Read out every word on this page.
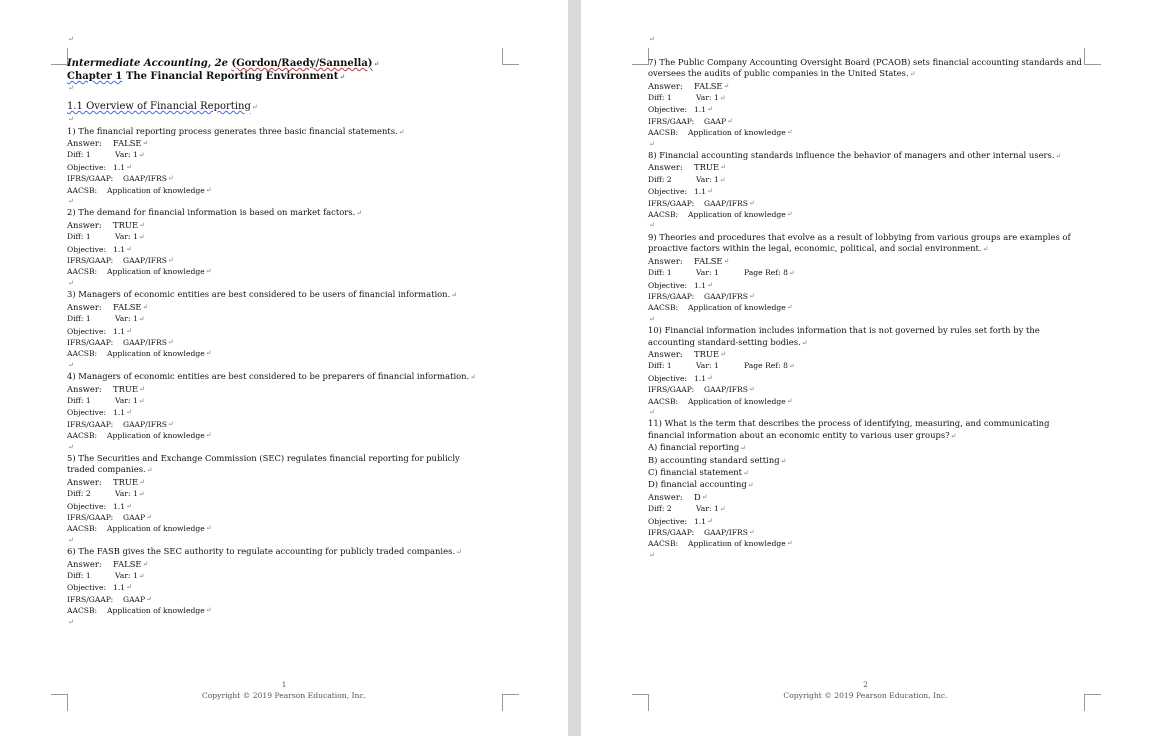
↵
Intermediate Accounting, 2e (Gordon/Raedy/Sannella)↵
Chapter 1 The Financial Reporting Environment↵
↵
1.1 Overview of Financial Reporting↵
↵
1) The financial reporting process generates three basic financial statements.↵
Answer:	FALSE ↵
Diff: 1	Var: 1↵
Objective: 1.1 ↵
IFRS/GAAP:	GAAP/IFRS ↵
AACSB:	Application of knowledge ↵
↵
2) The demand for financial information is based on market factors.↵
Answer:	TRUE ↵
Diff: 1	Var: 1↵
Objective: 1.1 ↵
IFRS/GAAP:	GAAP/IFRS ↵
AACSB:	Application of knowledge ↵
↵
3) Managers of economic entities are best considered to be users of financial information.↵
Answer:	FALSE ↵
Diff: 1	Var: 1↵
Objective: 1.1 ↵
IFRS/GAAP:	GAAP/IFRS ↵
AACSB:	Application of knowledge ↵
↵
4) Managers of economic entities are best considered to be preparers of financial information.↵
Answer:	TRUE ↵
Diff: 1	Var: 1↵
Objective: 1.1 ↵
IFRS/GAAP:	GAAP/IFRS ↵
AACSB:	Application of knowledge ↵
↵
5) The Securities and Exchange Commission (SEC) regulates financial reporting for publicly traded companies.↵
Answer:	TRUE ↵
Diff: 2	Var: 1↵
Objective: 1.1 ↵
IFRS/GAAP:	GAAP ↵
AACSB:	Application of knowledge ↵
↵
6) The FASB gives the SEC authority to regulate accounting for publicly traded companies.↵
Answer:	FALSE ↵
Diff: 1	Var: 1↵
Objective: 1.1 ↵
IFRS/GAAP:	GAAP ↵
AACSB:	Application of knowledge ↵
↵
1
Copyright © 2019 Pearson Education, Inc.
↵
7) The Public Company Accounting Oversight Board (PCAOB) sets financial accounting standards and oversees the audits of public companies in the United States.↵
Answer:	FALSE ↵
Diff: 1	Var: 1↵
Objective: 1.1 ↵
IFRS/GAAP:	GAAP ↵
AACSB:	Application of knowledge ↵
↵
8) Financial accounting standards influence the behavior of managers and other internal users.↵
Answer:	TRUE ↵
Diff: 2	Var: 1↵
Objective: 1.1 ↵
IFRS/GAAP:	GAAP/IFRS ↵
AACSB:	Application of knowledge ↵
↵
9) Theories and procedures that evolve as a result of lobbying from various groups are examples of proactive factors within the legal, economic, political, and social environment.↵
Answer:	FALSE ↵
Diff: 1	Var: 1	Page Ref: 8↵
Objective: 1.1 ↵
IFRS/GAAP:	GAAP/IFRS ↵
AACSB:	Application of knowledge ↵
↵
10) Financial information includes information that is not governed by rules set forth by the accounting standard-setting bodies.↵
Answer:	TRUE ↵
Diff: 1	Var: 1	Page Ref: 8↵
Objective: 1.1 ↵
IFRS/GAAP:	GAAP/IFRS ↵
AACSB:	Application of knowledge ↵
↵
11) What is the term that describes the process of identifying, measuring, and communicating financial information about an economic entity to various user groups?↵
A) financial reporting↵
B) accounting standard setting↵
C) financial statement↵
D) financial accounting↵
Answer:	D ↵
Diff: 2	Var: 1↵
Objective: 1.1 ↵
IFRS/GAAP:	GAAP/IFRS ↵
AACSB:	Application of knowledge ↵
↵
2
Copyright © 2019 Pearson Education, Inc.
